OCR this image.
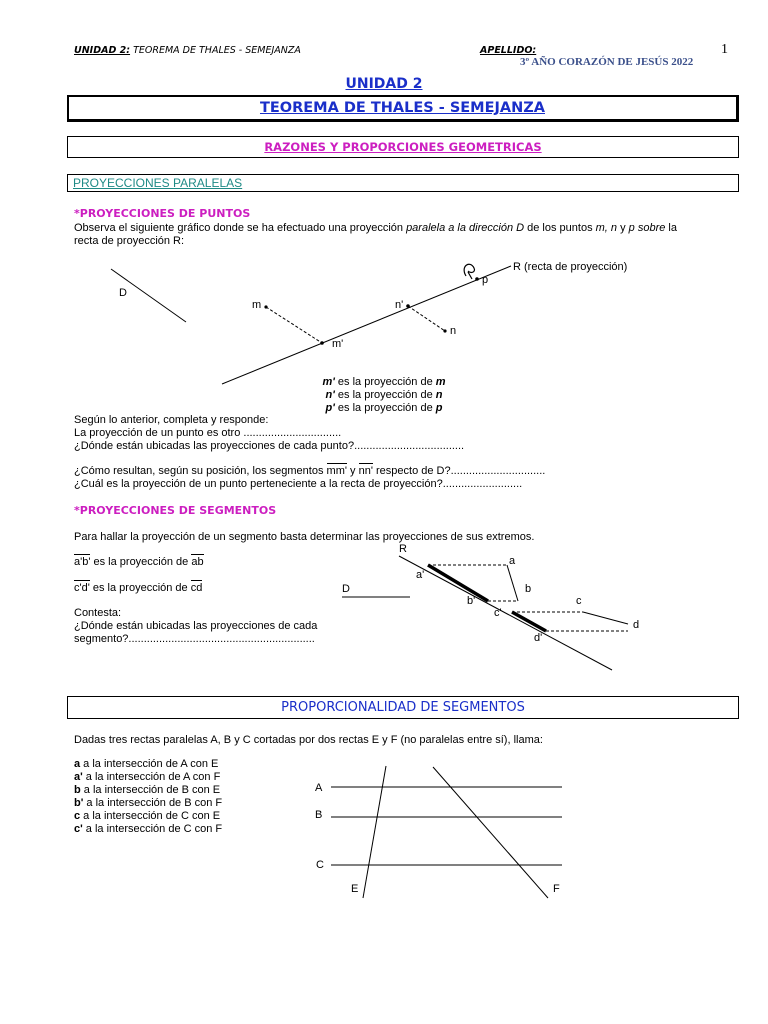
UNIDAD 2: TEOREMA DE THALES - SEMEJANZA	APELLIDO:	1
3º AÑO CORAZÓN DE JESÚS 2022
UNIDAD 2
TEOREMA DE THALES - SEMEJANZA
RAZONES Y PROPORCIONES GEOMETRICAS
PROYECCIONES PARALELAS
*PROYECCIONES DE PUNTOS
Observa el siguiente gráfico donde se ha efectuado una proyección paralela a la dirección D de los puntos m, n y p sobre la
recta de proyección R:
D
R (recta de proyección)
m	n'
n
m'
p
m' es la proyección de m
n' es la proyección de n
p' es la proyección de p
Según lo anterior, completa y responde:
La proyección de un punto es otro ................................
¿Dónde están ubicadas las proyecciones de cada punto?....................................
¿Cómo resultan, según su posición, los segmentos mm' y nn' respecto de D?...............................
¿Cuál es la proyección de un punto perteneciente a la recta de proyección?..........................
*PROYECCIONES DE SEGMENTOS
Para hallar la proyección de un segmento basta determinar las proyecciones de sus extremos.
a'b' es la proyección de ab
c'd' es la proyección de cd
Contesta:
¿Dónde están ubicadas las proyecciones de cada
segmento?.............................................................
R
D
a
a'
b
b'	c
c'
d
d'
PROPORCIONALIDAD DE SEGMENTOS
Dadas tres rectas paralelas A, B y C cortadas por dos rectas E y F (no paralelas entre sí), llama:
a a la intersección de A con E
a' a la intersección de A con F
b a la intersección de B con E
b' a la intersección de B con F
c a la intersección de C con E
c' a la intersección de C con F
A
B
C
E	F
